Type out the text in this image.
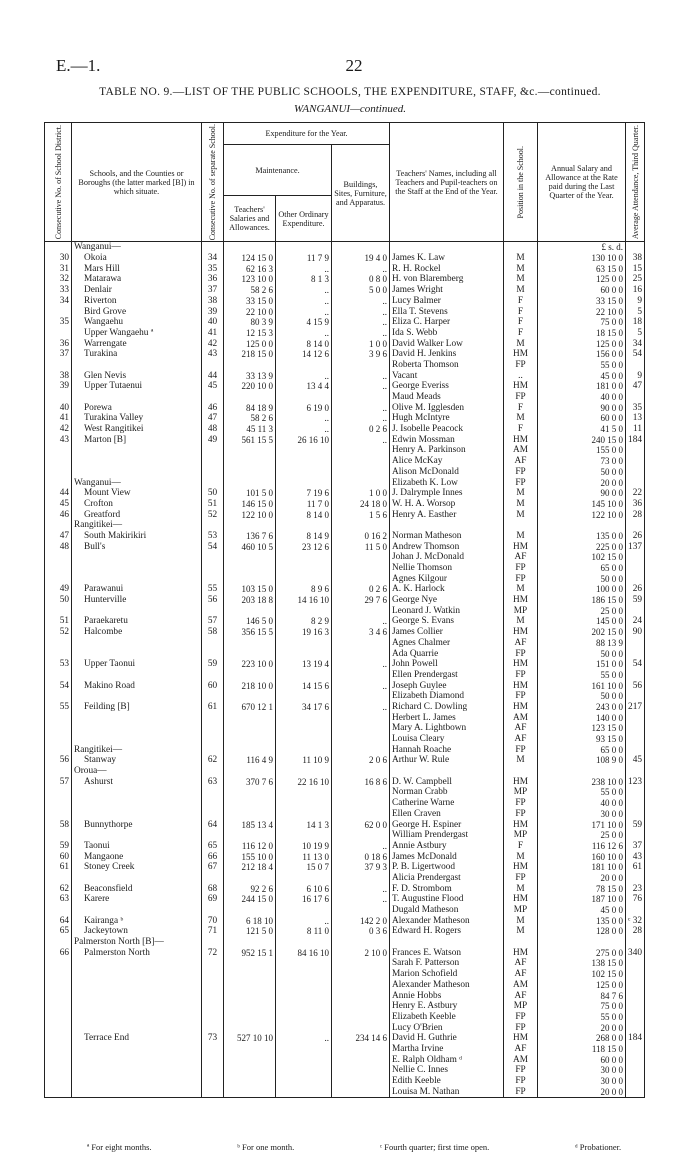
E.—1.	22
TABLE NO. 9.—LIST OF THE PUBLIC SCHOOLS, THE EXPENDITURE, STAFF, &c.—continued.
WANGANUI—continued.
Consecutive No. of School District.	Schools, and the Counties or Boroughs (the latter marked [B]) in which situate.	Consecutive No. of separate School.	Expenditure for the Year.			Teachers' Names, including all Teachers and Pupil-teachers on the Staff at the End of the Year.	Position in the School.	Annual Salary and Allowance at the Rate paid during the Last Quarter of the Year.	Average Attendance, Third Quarter.

			Maintenance.		Buildings, Sites, Furniture, and Apparatus.				
			Teachers' Salaries and Allowances.	Other Ordinary Expenditure.					
	Wanganui—							£ s. d.	
30	Okoia	34	124 15 0	11 7 9	19 4 0	James K. Law	M	130 10 0	38
31	Mars Hill	35	62 16 3	..	..	R. H. Rockel	M	63 15 0	15
32	Matarawa	36	123 10 0	8 1 3	0 8 0	H. von Blaremberg	M	125 0 0	25
33	Denlair	37	58 2 6	..	5 0 0	James Wright	M	60 0 0	16
34	Riverton	38	33 15 0	..	..	Lucy Balmer	F	33 15 0	9
	Bird Grove	39	22 10 0	..	..	Ella T. Stevens	F	22 10 0	5
35	Wangaehu	40	80 3 9	4 15 9	..	Eliza C. Harper	F	75 0 0	18
	Upper Wangaehu ª	41	12 15 3	..	..	Ida S. Webb	F	18 15 0	5
36	Warrengate	42	125 0 0	8 14 0	1 0 0	David Walker Low	M	125 0 0	34
37	Turakina	43	218 15 0	14 12 6	3 9 6	David H. Jenkins	HM	156 0 0	54
						Roberta Thomson	FP	55 0 0	
38	Glen Nevis	44	33 13 9	..	..	Vacant	..	45 0 0	9
39	Upper Tutaenui	45	220 10 0	13 4 4	..	George Everiss	HM	181 0 0	47
						Maud Meads	FP	40 0 0	
40	Porewa	46	84 18 9	6 19 0	..	Olive M. Igglesden	F	90 0 0	35
41	Turakina Valley	47	58 2 6	..	..	Hugh McIntyre	M	60 0 0	13
42	West Rangitikei	48	45 11 3	..	0 2 6	J. Isobelle Peacock	F	41 5 0	11
43	Marton [B]	49	561 15 5	26 16 10	..	Edwin Mossman	HM	240 15 0	184
						Henry A. Parkinson	AM	155 0 0	
						Alice McKay	AF	73 0 0	
						Alison McDonald	FP	50 0 0	
	Wanganui—					Elizabeth K. Low	FP	20 0 0	
44	Mount View	50	101 5 0	7 19 6	1 0 0	J. Dalrymple Innes	M	90 0 0	22
45	Crofton	51	146 15 0	11 7 0	24 18 0	W. H. A. Worsop	M	145 10 0	36
46	Greatford	52	122 10 0	8 14 0	1 5 6	Henry A. Easther	M	122 10 0	28
	Rangitikei—								
47	South Makirikiri	53	136 7 6	8 14 9	0 16 2	Norman Matheson	M	135 0 0	26
48	Bull's	54	460 10 5	23 12 6	11 5 0	Andrew Thomson	HM	225 0 0	137
						Johan J. McDonald	AF	102 15 0	
						Nellie Thomson	FP	65 0 0	
						Agnes Kilgour	FP	50 0 0	
49	Parawanui	55	103 15 0	8 9 6	0 2 6	A. K. Harlock	M	100 0 0	26
50	Hunterville	56	203 18 8	14 16 10	29 7 6	George Nye	HM	186 15 0	59
						Leonard J. Watkin	MP	25 0 0	
51	Paraekaretu	57	146 5 0	8 2 9	..	George S. Evans	M	145 0 0	24
52	Halcombe	58	356 15 5	19 16 3	3 4 6	James Collier	HM	202 15 0	90
						Agnes Chalmer	AF	88 13 9	
						Ada Quarrie	FP	50 0 0	
53	Upper Taonui	59	223 10 0	13 19 4	..	John Powell	HM	151 0 0	54
						Ellen Prendergast	FP	55 0 0	
54	Makino Road	60	218 10 0	14 15 6	..	Joseph Guylee	HM	161 10 0	56
						Elizabeth Diamond	FP	50 0 0	
55	Feilding [B]	61	670 12 1	34 17 6	..	Richard C. Dowling	HM	243 0 0	217
						Herbert L. James	AM	140 0 0	
						Mary A. Lightbown	AF	123 15 0	
						Louisa Cleary	AF	93 15 0	
	Rangitikei—					Hannah Roache	FP	65 0 0	
56	Stanway	62	116 4 9	11 10 9	2 0 6	Arthur W. Rule	M	108 9 0	45
	Oroua—								
57	Ashurst	63	370 7 6	22 16 10	16 8 6	D. W. Campbell	HM	238 10 0	123
						Norman Crabb	MP	55 0 0	
						Catherine Warne	FP	40 0 0	
						Ellen Craven	FP	30 0 0	
58	Bunnythorpe	64	185 13 4	14 1 3	62 0 0	George H. Espiner	HM	171 10 0	59
						William Prendergast	MP	25 0 0	
59	Taonui	65	116 12 0	10 19 9	..	Annie Astbury	F	116 12 6	37
60	Mangaone	66	155 10 0	11 13 0	0 18 6	James McDonald	M	160 10 0	43
61	Stoney Creek	67	212 18 4	15 0 7	37 9 3	P. B. Ligertwood	HM	181 10 0	61
						Alicia Prendergast	FP	20 0 0	
62	Beaconsfield	68	92 2 6	6 10 6	..	F. D. Strombom	M	78 15 0	23
63	Karere	69	244 15 0	16 17 6	..	T. Augustine Flood	HM	187 10 0	76
						Dugald Matheson	MP	45 0 0	
64	Kairanga ᵇ	70	6 18 10	..	142 2 0	Alexander Matheson	M	135 0 0	ᶜ 32
65	Jackeytown	71	121 5 0	8 11 0	0 3 6	Edward H. Rogers	M	128 0 0	28
	Palmerston North [B]—								
66	Palmerston North	72	952 15 1	84 16 10	2 10 0	Frances E. Watson	HM	275 0 0	340
						Sarah F. Patterson	AF	138 15 0	
						Marion Schofield	AF	102 15 0	
						Alexander Matheson	AM	125 0 0	
						Annie Hobbs	AF	84 7 6	
						Henry E. Astbury	MP	75 0 0	
						Elizabeth Keeble	FP	55 0 0	
						Lucy O'Brien	FP	20 0 0	
	Terrace End	73	527 10 10	..	234 14 6	David H. Guthrie	HM	268 0 0	184
						Martha Irvine	AF	118 15 0	
						E. Ralph Oldham ᵈ	AM	60 0 0	
						Nellie C. Innes	FP	30 0 0	
						Edith Keeble	FP	30 0 0	
						Louisa M. Nathan	FP	20 0 0	
ª For eight months.	ᵇ For one month.	ᶜ Fourth quarter; first time open.	ᵈ Probationer.
